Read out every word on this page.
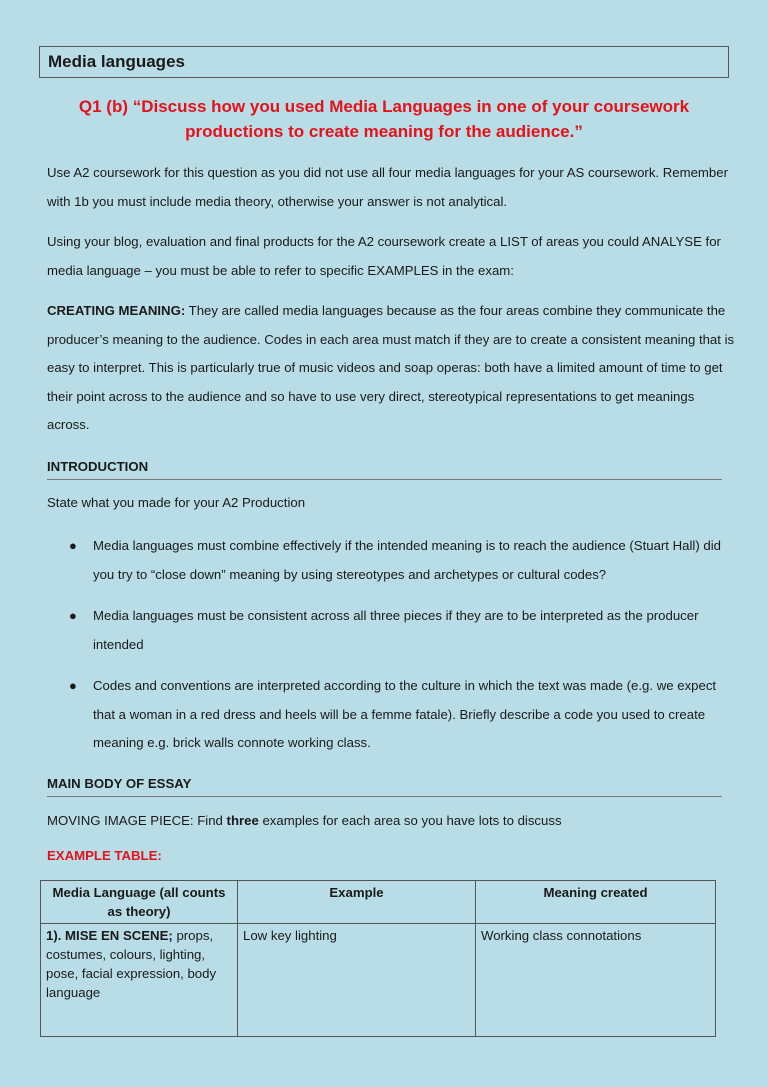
Media languages
Q1 (b) “Discuss how you used Media Languages in one of your coursework productions to create meaning for the audience.”
Use A2 coursework for this question as you did not use all four media languages for your AS coursework. Remember with 1b you must include media theory, otherwise your answer is not analytical.
Using your blog, evaluation and final products for the A2 coursework create a LIST of areas you could ANALYSE for media language – you must be able to refer to specific EXAMPLES in the exam:
CREATING MEANING: They are called media languages because as the four areas combine they communicate the producer’s meaning to the audience. Codes in each area must match if they are to create a consistent meaning that is easy to interpret. This is particularly true of music videos and soap operas: both have a limited amount of time to get their point across to the audience and so have to use very direct, stereotypical representations to get meanings across.
INTRODUCTION
State what you made for your A2 Production
● Media languages must combine effectively if the intended meaning is to reach the audience (Stuart Hall) did you try to “close down” meaning by using stereotypes and archetypes or cultural codes?
● Media languages must be consistent across all three pieces if they are to be interpreted as the producer intended
● Codes and conventions are interpreted according to the culture in which the text was made (e.g. we expect that a woman in a red dress and heels will be a femme fatale). Briefly describe a code you used to create meaning e.g. brick walls connote working class.
MAIN BODY OF ESSAY
MOVING IMAGE PIECE: Find three examples for each area so you have lots to discuss
EXAMPLE TABLE:
Media Language (all counts as theory)	Example	Meaning created
1). MISE EN SCENE; props, costumes, colours, lighting, pose, facial expression, body language	Low key lighting	Working class connotations
